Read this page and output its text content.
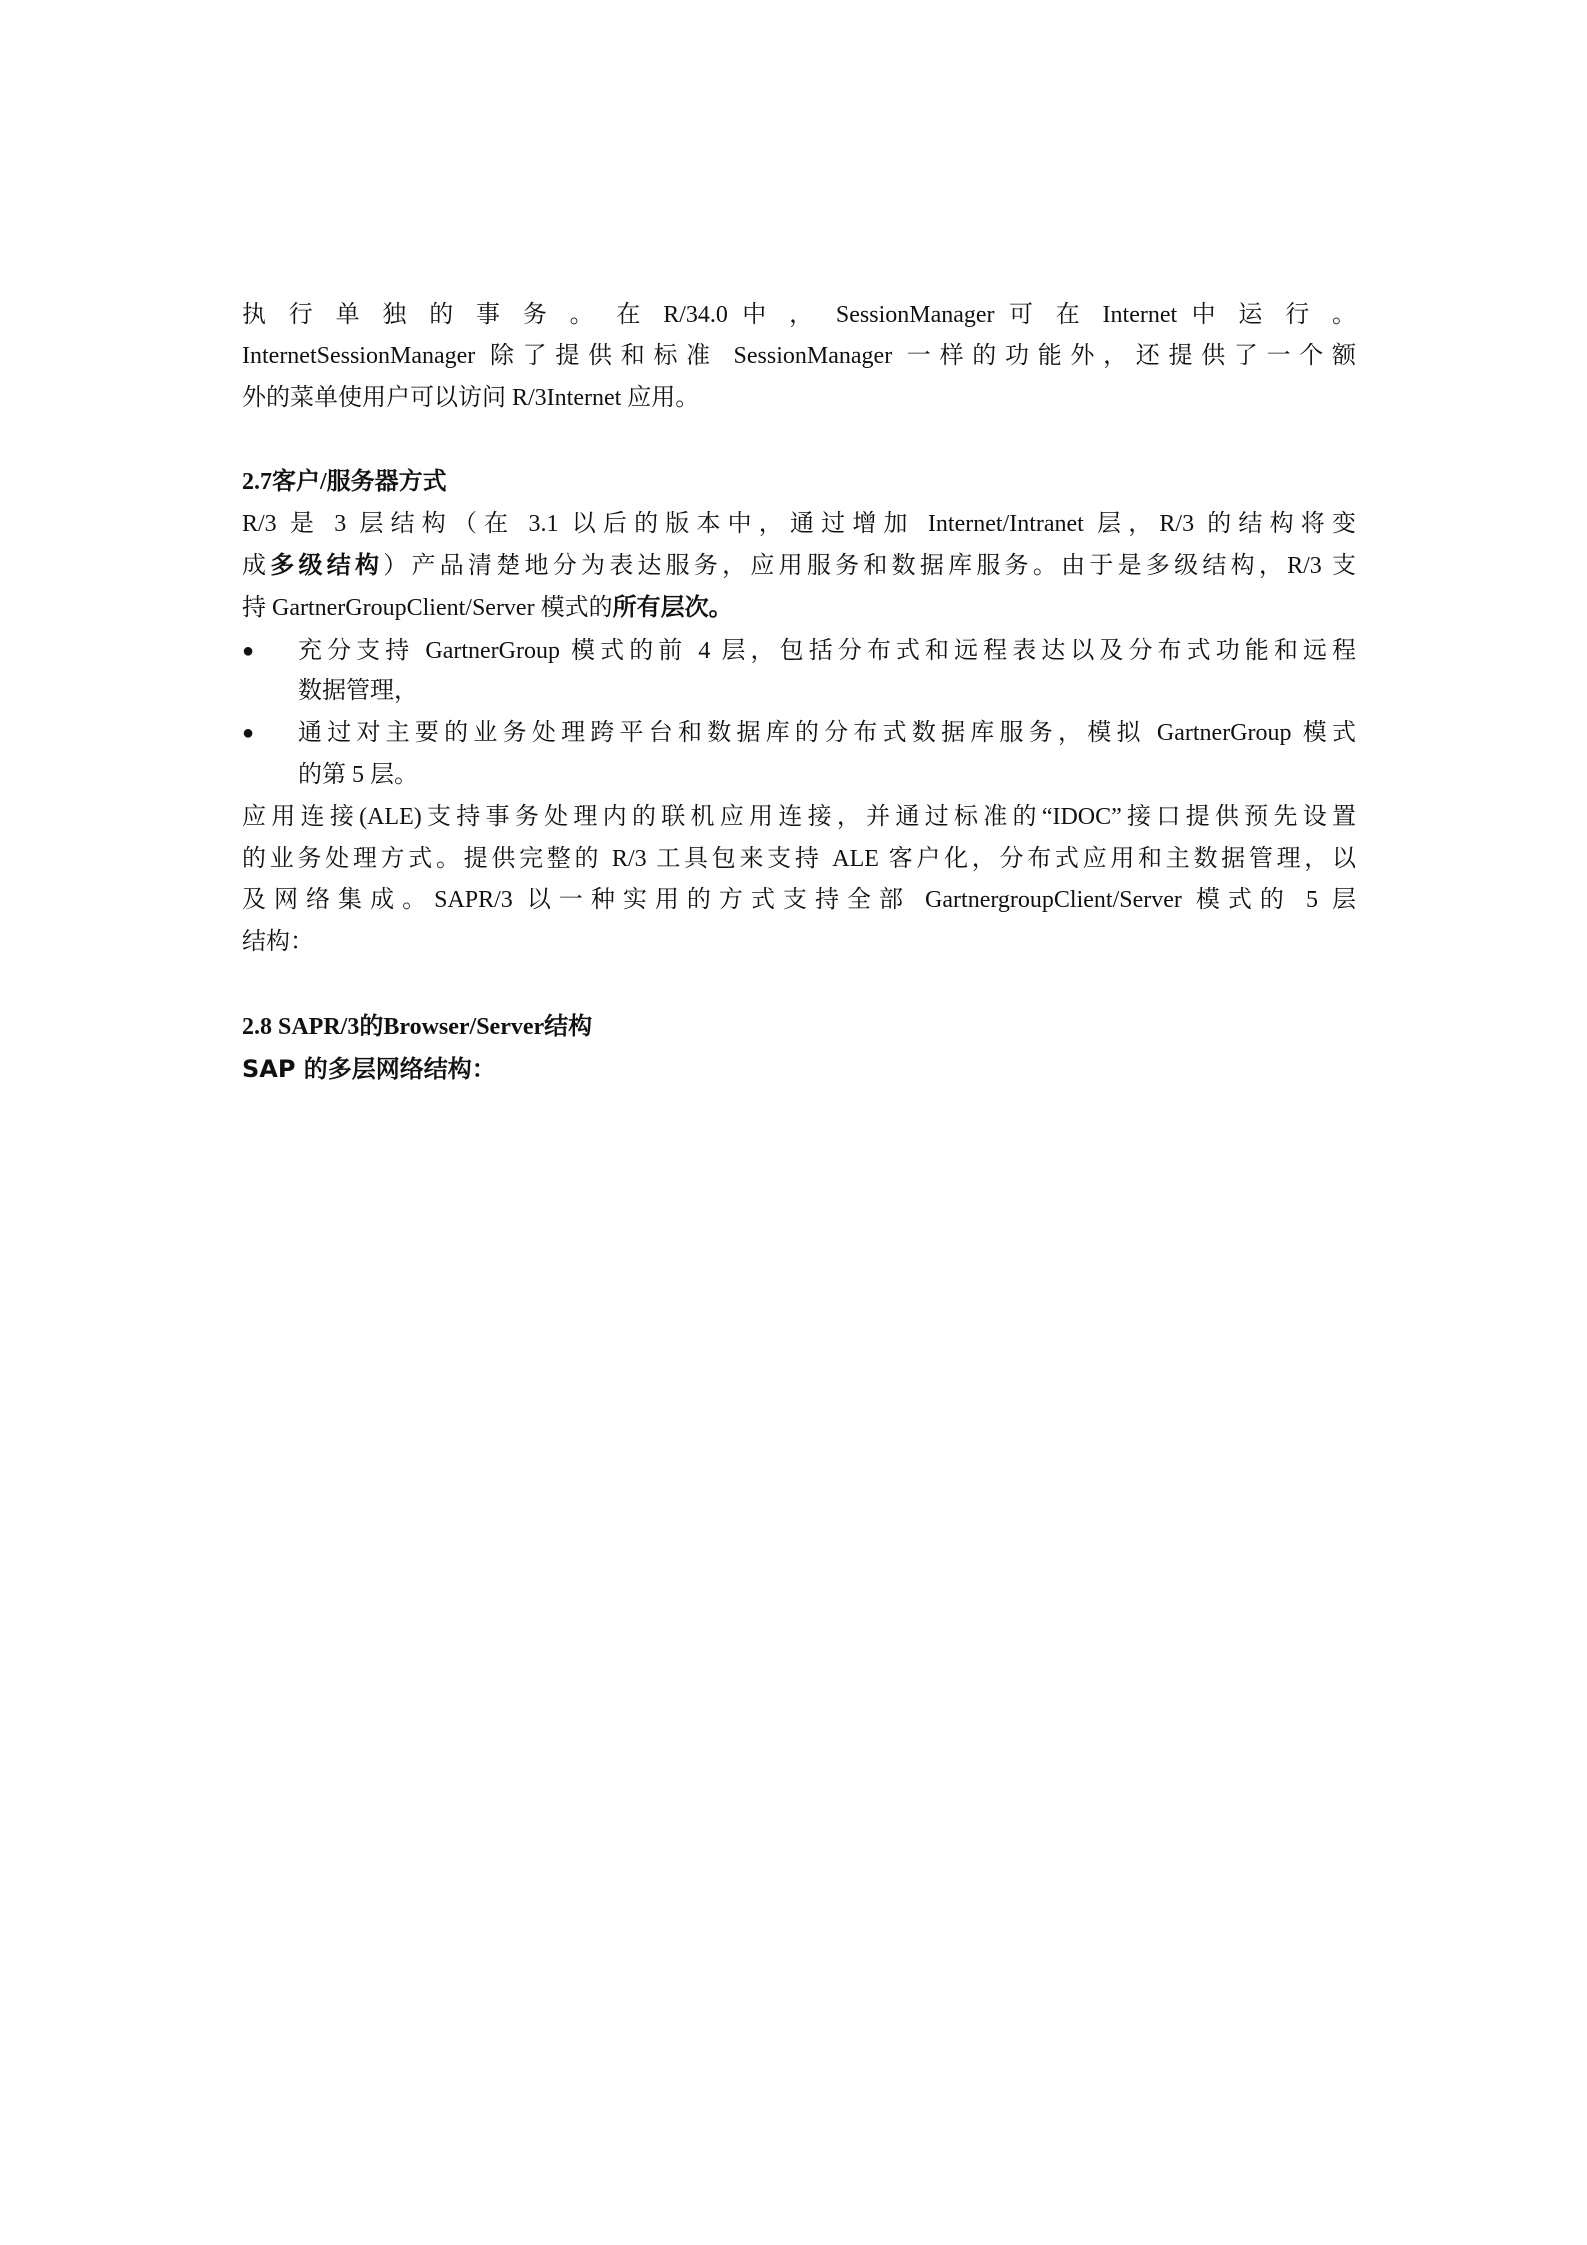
执 行 单 独 的 事 务 。 在 R/34.0 中 ， SessionManager 可 在 Internet 中 运 行 。
InternetSessionManager 除了提供和标准 SessionManager 一样的功能外，还提供了一个额
外的菜单使用户可以访问 R/3Internet 应用。
2.7客户/服务器方式
R/3 是 3 层结构（在 3.1 以后的版本中，通过增加 Internet/Intranet 层，R/3 的结构将变
成多级结构）产品清楚地分为表达服务，应用服务和数据库服务。由于是多级结构，R/3 支
持 GartnerGroupClient/Server 模式的所有层次。
●	充分支持 GartnerGroup 模式的前 4 层，包括分布式和远程表达以及分布式功能和远程
数据管理，
●	通过对主要的业务处理跨平台和数据库的分布式数据库服务，模拟 GartnerGroup 模式
的第 5 层。
应用连接(ALE)支持事务处理内的联机应用连接，并通过标准的“IDOC”接口提供预先设置
的业务处理方式。提供完整的 R/3 工具包来支持 ALE 客户化，分布式应用和主数据管理，以
及网络集成。SAPR/3 以一种实用的方式支持全部 GartnergroupClient/Server 模式的 5 层
结构：
2.8 SAPR/3的Browser/Server结构
SAP 的多层网络结构：
